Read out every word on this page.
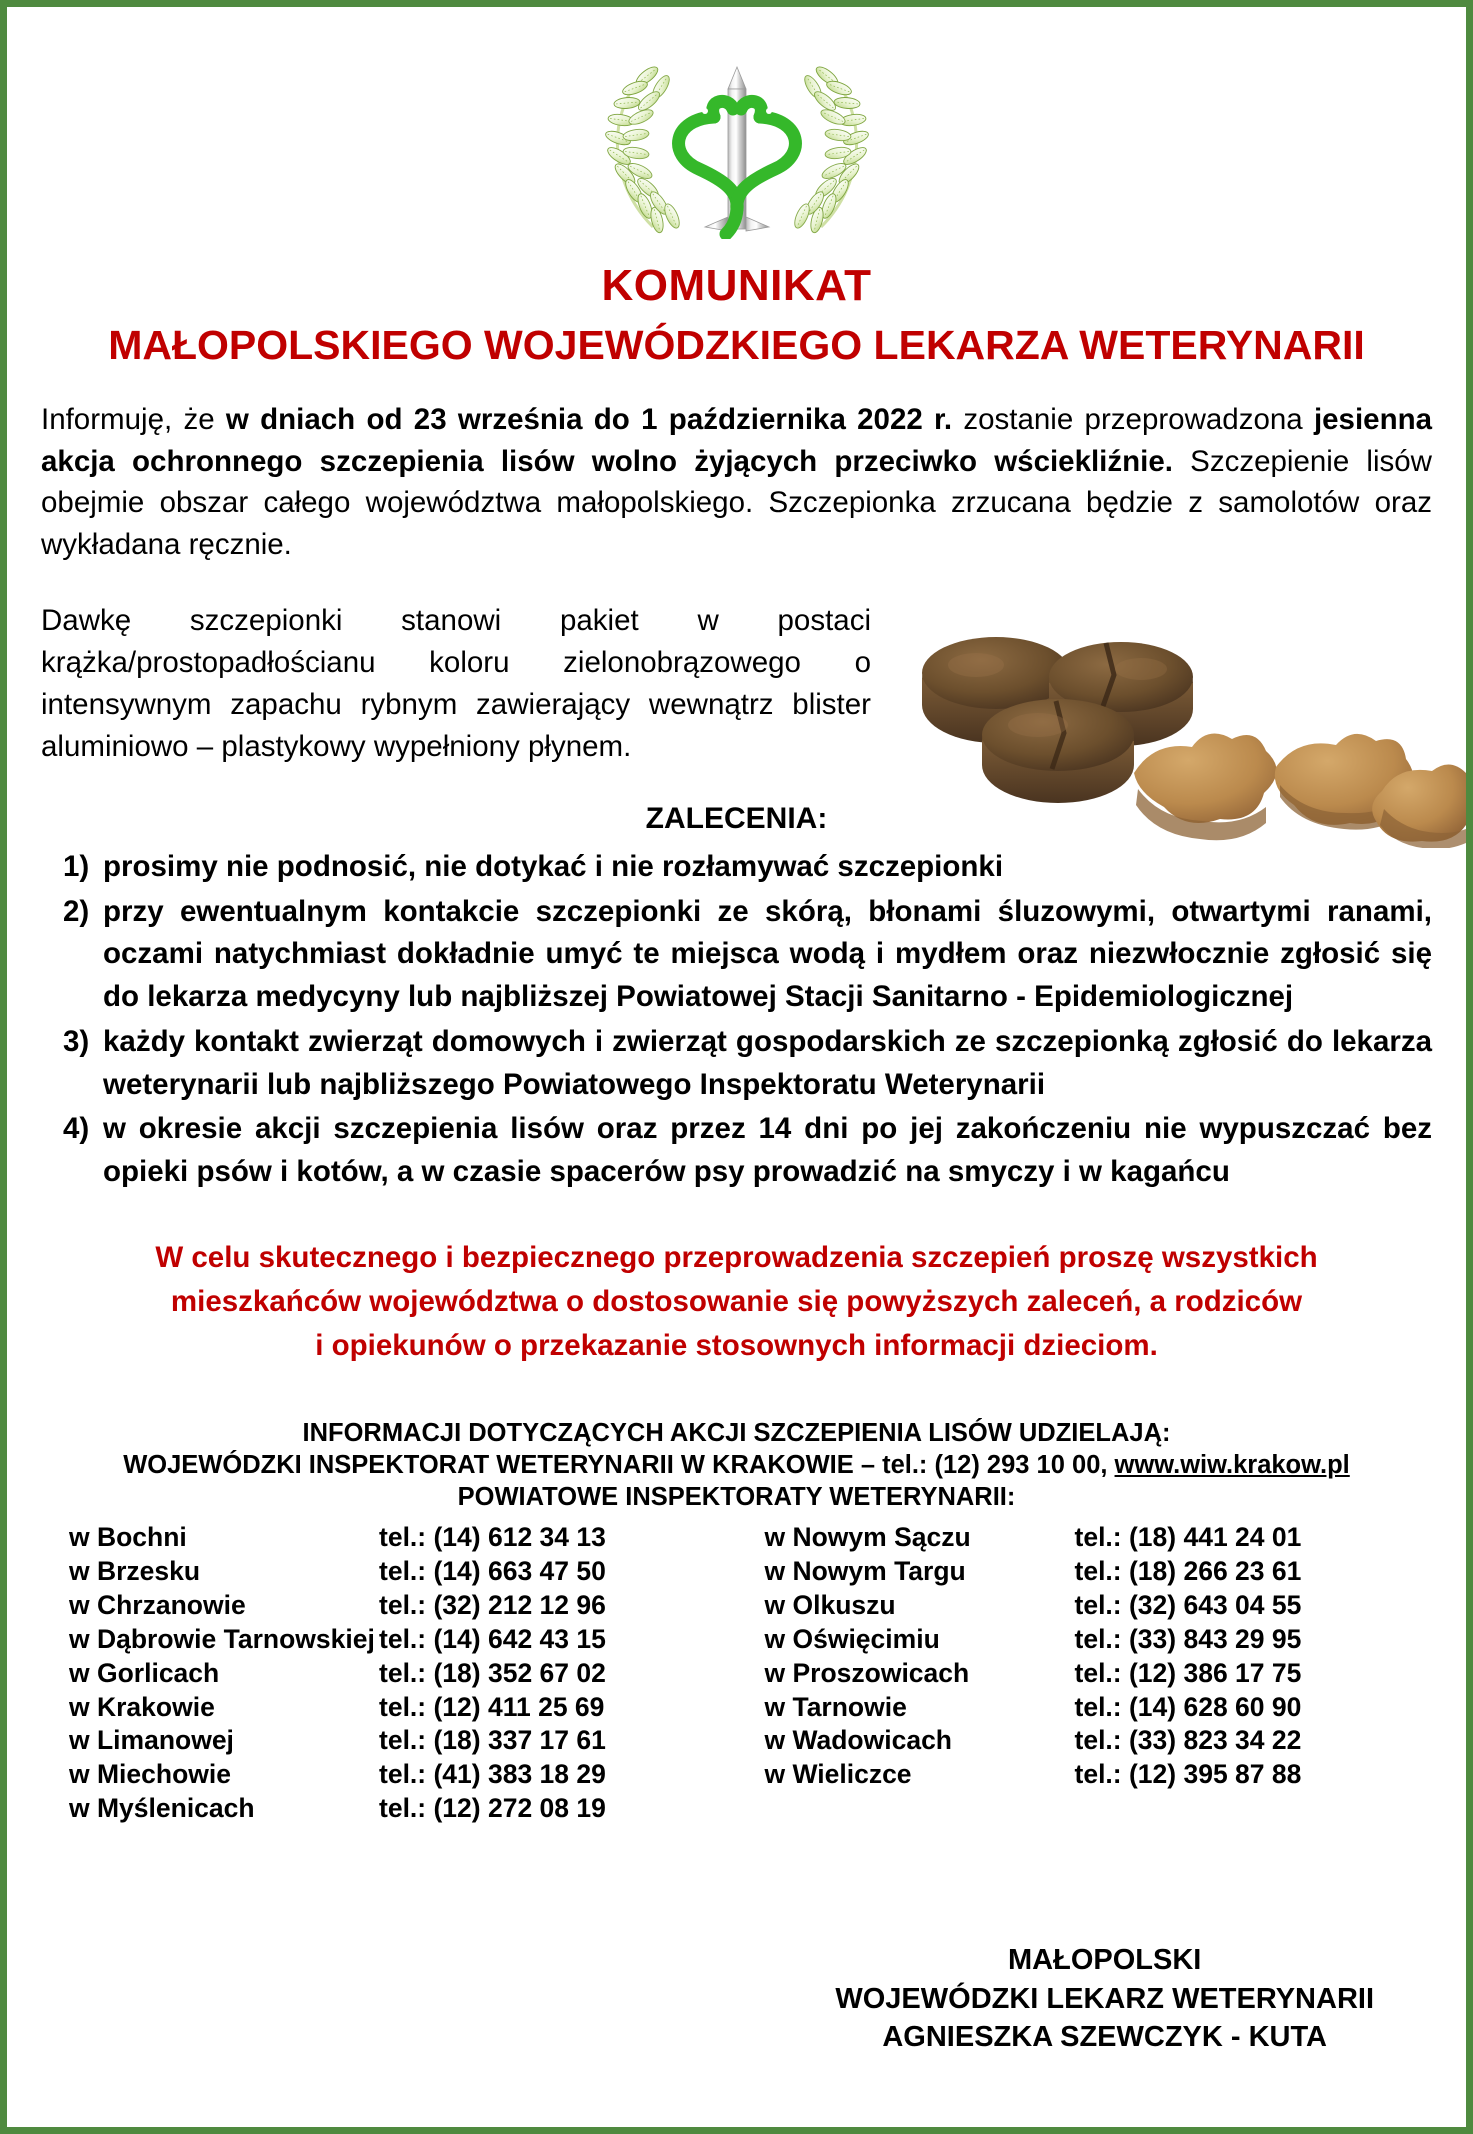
KOMUNIKAT
MAŁOPOLSKIEGO WOJEWÓDZKIEGO LEKARZA WETERYNARII
Informuję, że w dniach od 23 września do 1 października 2022 r. zostanie przeprowadzona jesienna akcja ochronnego szczepienia lisów wolno żyjących przeciwko wściekliźnie. Szczepienie lisów obejmie obszar całego województwa małopolskiego. Szczepionka zrzucana będzie z samolotów oraz wykładana ręcznie.
Dawkę szczepionki stanowi pakiet w postaci krążka/prostopadłościanu koloru zielonobrązowego o intensywnym zapachu rybnym zawierający wewnątrz blister aluminiowo – plastykowy wypełniony płynem.
ZALECENIA:
prosimy nie podnosić, nie dotykać i nie rozłamywać szczepionki
przy ewentualnym kontakcie szczepionki ze skórą, błonami śluzowymi, otwartymi ranami, oczami natychmiast dokładnie umyć te miejsca wodą i mydłem oraz niezwłocznie zgłosić się do lekarza medycyny lub najbliższej Powiatowej Stacji Sanitarno - Epidemiologicznej
każdy kontakt zwierząt domowych i zwierząt gospodarskich ze szczepionką zgłosić do lekarza weterynarii lub najbliższego Powiatowego Inspektoratu Weterynarii
w okresie akcji szczepienia lisów oraz przez 14 dni po jej zakończeniu nie wypuszczać bez opieki psów i kotów, a w czasie spacerów psy prowadzić na smyczy i w kagańcu
W celu skutecznego i bezpiecznego przeprowadzenia szczepień proszę wszystkich
mieszkańców województwa o dostosowanie się powyższych zaleceń, a rodziców
i opiekunów o przekazanie stosownych informacji dzieciom.
INFORMACJI DOTYCZĄCYCH AKCJI SZCZEPIENIA LISÓW UDZIELAJĄ:
WOJEWÓDZKI INSPEKTORAT WETERYNARII W KRAKOWIE – tel.: (12) 293 10 00, www.wiw.krakow.pl
POWIATOWE INSPEKTORATY WETERYNARII:
w Bochni	tel.: (14) 612 34 13
w Brzesku	tel.: (14) 663 47 50
w Chrzanowie	tel.: (32) 212 12 96
w Dąbrowie Tarnowskiej tel.: (14) 642 43 15
w Gorlicach	tel.: (18) 352 67 02
w Krakowie	tel.: (12) 411 25 69
w Limanowej	tel.: (18) 337 17 61
w Miechowie	tel.: (41) 383 18 29
w Myślenicach	tel.: (12) 272 08 19
w Nowym Sączu	tel.: (18) 441 24 01
w Nowym Targu	tel.: (18) 266 23 61
w Olkuszu	tel.: (32) 643 04 55
w Oświęcimiu	tel.: (33) 843 29 95
w Proszowicach	tel.: (12) 386 17 75
w Tarnowie	tel.: (14) 628 60 90
w Wadowicach	tel.: (33) 823 34 22
w Wieliczce	tel.: (12) 395 87 88
MAŁOPOLSKI
WOJEWÓDZKI LEKARZ WETERYNARII
AGNIESZKA SZEWCZYK - KUTA
